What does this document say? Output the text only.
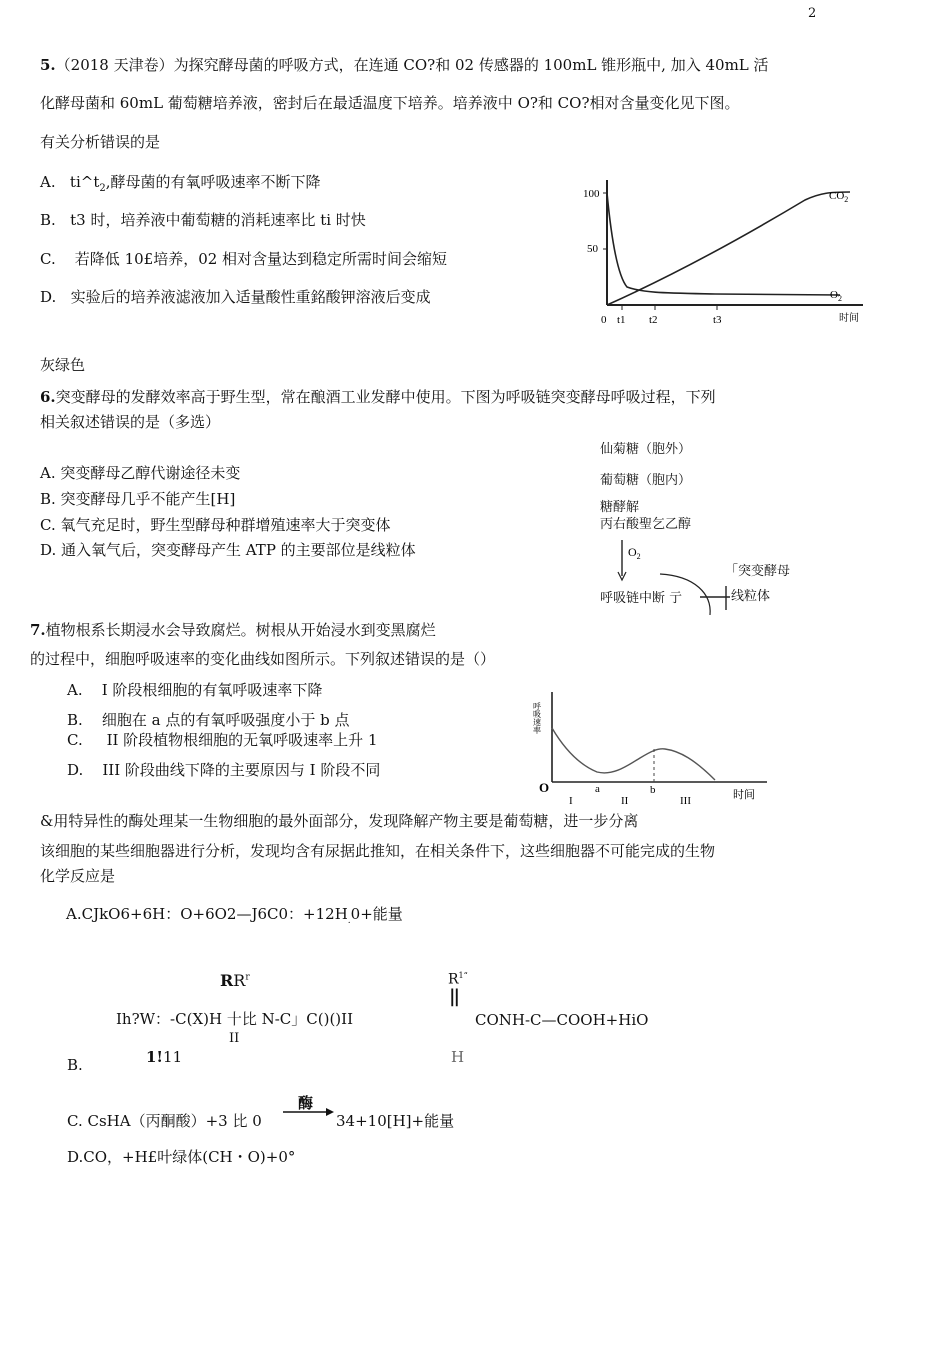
2
5.（2018 天津卷）为探究酵母菌的呼吸方式，在连通 CO?和 02 传感器的 100mL 锥形瓶中, 加入 40mL 活
化酵母菌和 60mL 葡萄糖培养液，密封后在最适温度下培养。培养液中 O?和 CO?相对含量变化见下图。
有关分析错误的是
A. $ti\^{}t_2$,酵母菌的有氧呼吸速率不断下降
B. t3 时，培养液中葡萄糖的消耗速率比 ti 时快
C. 若降低 10£培养，02 相对含量达到稳定所需时间会缩短
D. 实验后的培养液滤液加入适量酸性重銘酸钾溶液后变成
灰绿色
100
50
$CO_2$
$O_2$
0 t1 t2	t3	时间
6.突变酵母的发酵效率高于野生型，常在酿酒工业发酵中使用。下图为呼吸链突变酵母呼吸过程，下列
相关叙述错误的是（多选）
A. 突变酵母乙醇代谢途径未变
B. 突变酵母几乎不能产生[H]
C. 氧气充足时，野生型酵母种群增殖速率大于突变体
D. 通入氧气后，突变酵母产生 ATP 的主要部位是线粒体
仙菊糖（胞外）
葡萄糖（胞内）
糖酵解
丙右酸聖乞乙醇
$O_2$
「突变酵母
呼吸链中断 亍	线粒体
7.植物根系长期浸水会导致腐烂。树根从开始浸水到变黑腐烂
的过程中，细胞呼吸速率的变化曲线如图所示。下列叙述错误的是（）
A. I 阶段根细胞的有氧呼吸速率下降
B. 细胞在 a 点的有氧呼吸强度小于 b 点
C. II 阶段植物根细胞的无氧呼吸速率上升 1
D. III 阶段曲线下降的主要原因与 I 阶段不同
呼吸速率
O	a	b
I	II	III	时间
&用特异性的酶处理某一生物细胞的最外面部分，发现降解产物主要是葡萄糖，进一步分离
该细胞的某些细胞器进行分析，发现均含有尿据此推知，在相关条件下，这些细胞器不可能完成的生物
化学反应是
A.CJkO6+6H：O+6O2—J6C0：$+12H_.0+$能量
$RR^r$
Ih?W：-C(X)H 十比 N-C」C()()II
II
1!11
B.
$R^{1“}$
||
CONH-C—COOH+HiO
H
C. CsHA（丙酮酸）+3 比 0
酶
34+10[H]+能量
D.CO，+H£叶绿体(CH・O)+0°
